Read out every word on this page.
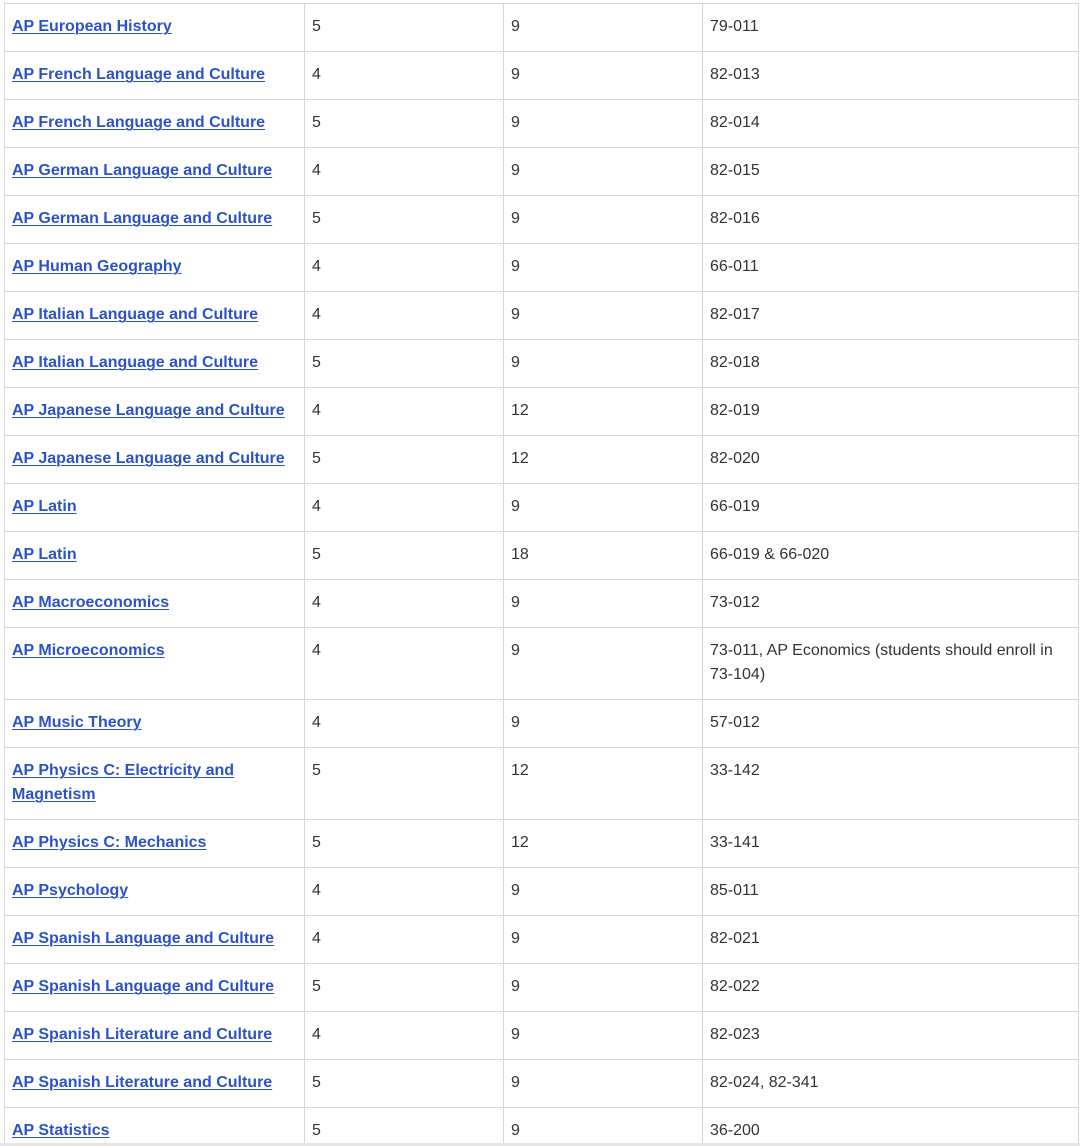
AP European History	5	9	79-011
AP French Language and Culture	4	9	82-013
AP French Language and Culture	5	9	82-014
AP German Language and Culture	4	9	82-015
AP German Language and Culture	5	9	82-016
AP Human Geography	4	9	66-011
AP Italian Language and Culture	4	9	82-017
AP Italian Language and Culture	5	9	82-018
AP Japanese Language and Culture	4	12	82-019
AP Japanese Language and Culture	5	12	82-020
AP Latin	4	9	66-019
AP Latin	5	18	66-019 & 66-020
AP Macroeconomics	4	9	73-012
AP Microeconomics	4	9	73-011, AP Economics (students should enroll in 73-104)
AP Music Theory	4	9	57-012
AP Physics C: Electricity and Magnetism	5	12	33-142
AP Physics C: Mechanics	5	12	33-141
AP Psychology	4	9	85-011
AP Spanish Language and Culture	4	9	82-021
AP Spanish Language and Culture	5	9	82-022
AP Spanish Literature and Culture	4	9	82-023
AP Spanish Literature and Culture	5	9	82-024, 82-341
AP Statistics	5	9	36-200
